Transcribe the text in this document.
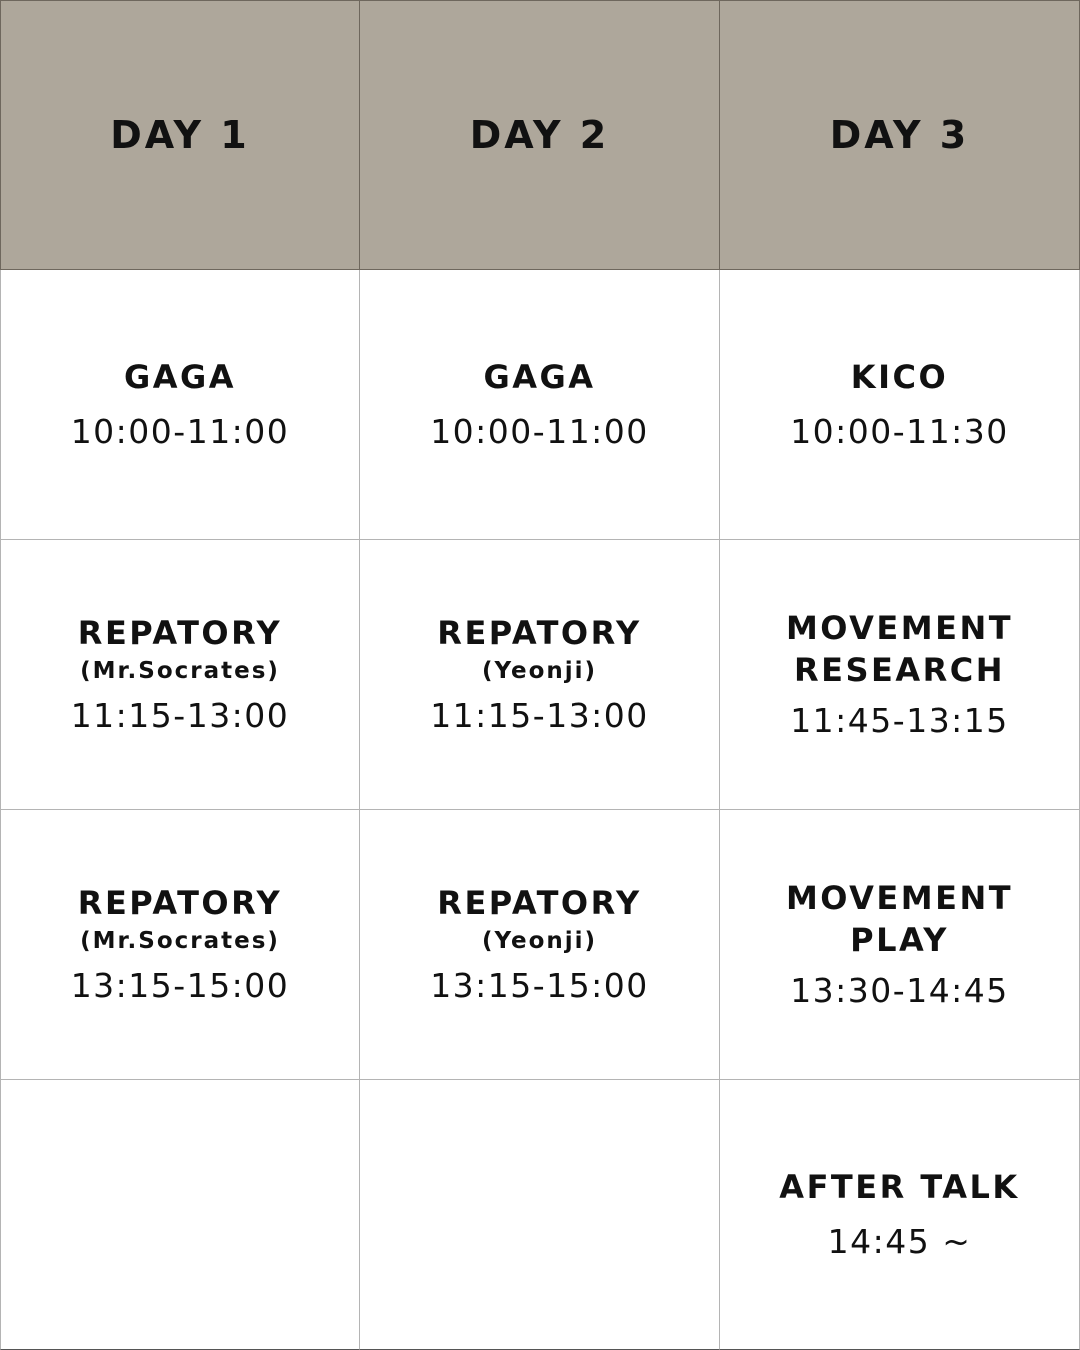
DAY 1	DAY 2	DAY 3
GAGA
10:00-11:00
GAGA
10:00-11:00
KICO
10:00-11:30
REPATORY
(Mr.Socrates)
11:15-13:00
REPATORY
(Yeonji)
11:15-13:00
MOVEMENT
RESEARCH
11:45-13:15
REPATORY
(Mr.Socrates)
13:15-15:00
REPATORY
(Yeonji)
13:15-15:00
MOVEMENT
PLAY
13:30-14:45
AFTER TALK
14:45 ~
